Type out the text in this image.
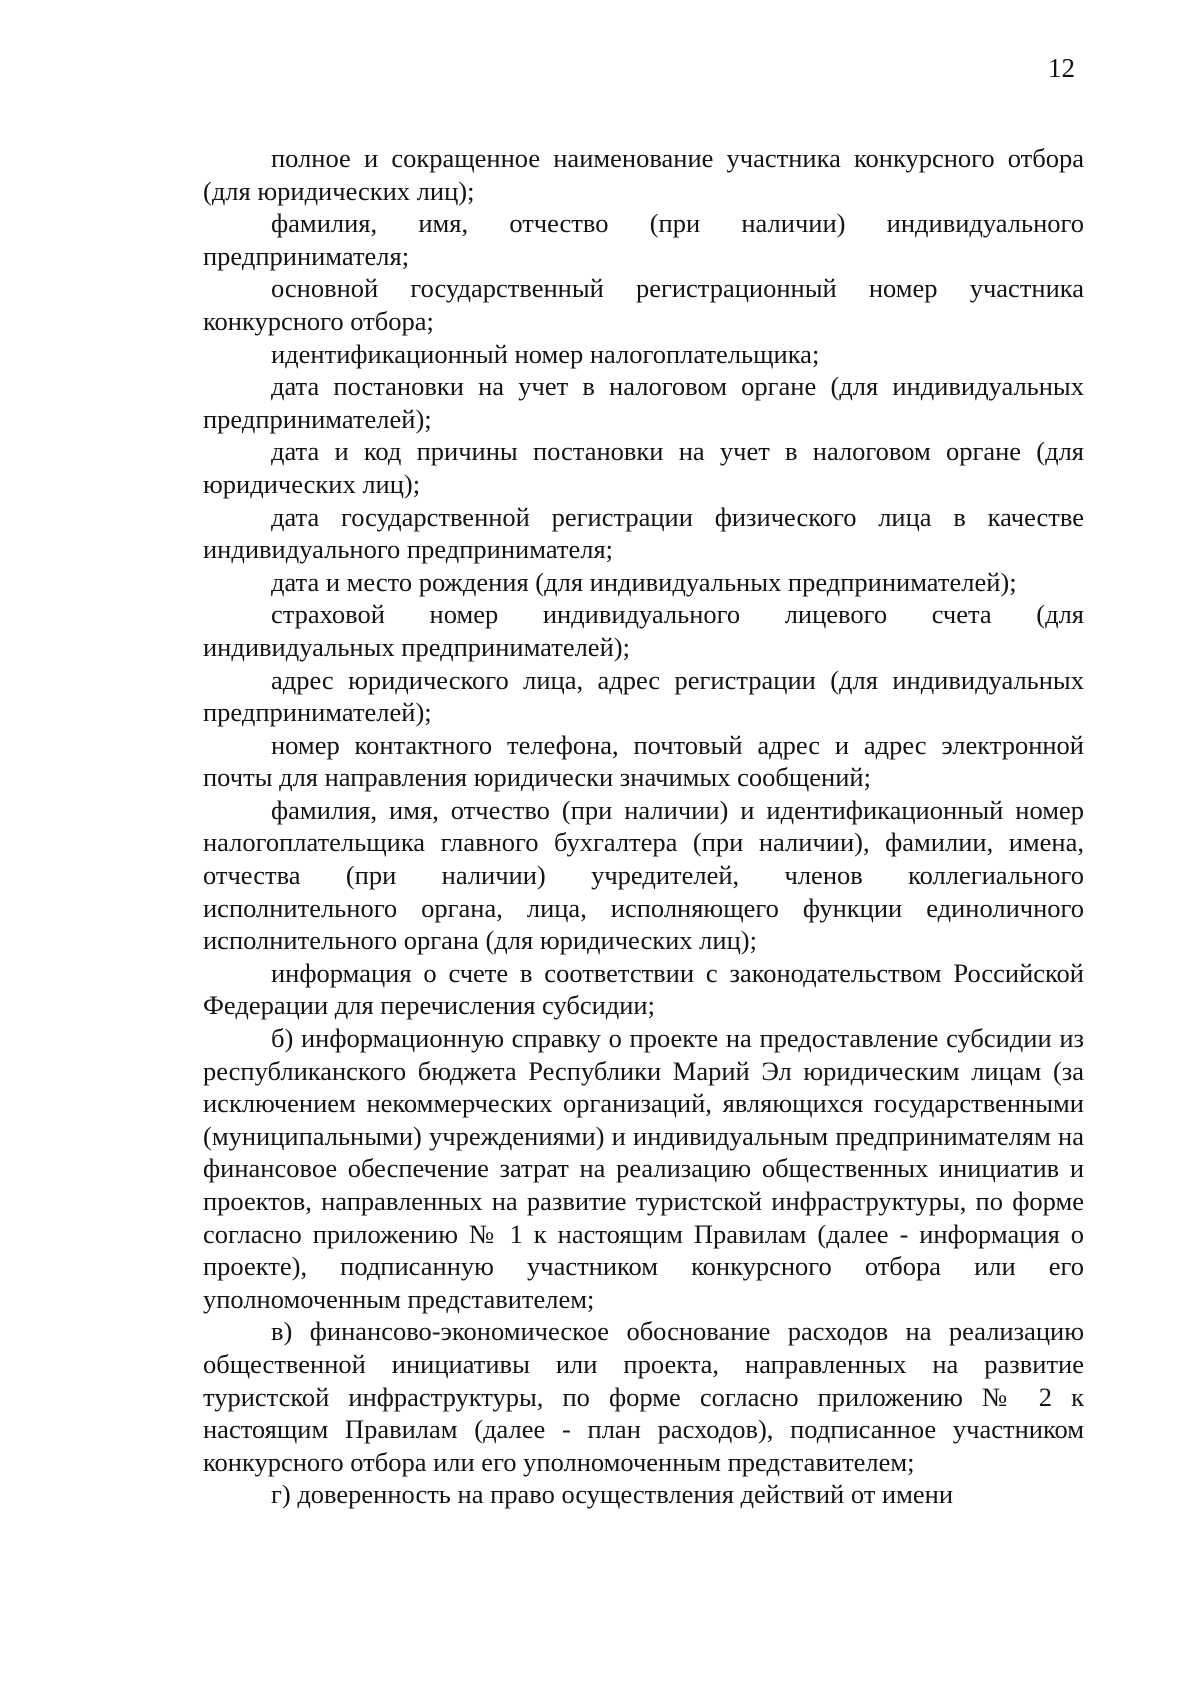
12

полное и сокращенное наименование участника конкурсного отбора (для юридических лиц);

фамилия, имя, отчество (при наличии) индивидуального предпринимателя;

основной государственный регистрационный номер участника конкурсного отбора;

идентификационный номер налогоплательщика;

дата постановки на учет в налоговом органе (для индивидуальных предпринимателей);

дата и код причины постановки на учет в налоговом органе (для юридических лиц);

дата государственной регистрации физического лица в качестве индивидуального предпринимателя;

дата и место рождения (для индивидуальных предпринимателей);

страховой номер индивидуального лицевого счета (для индивидуальных предпринимателей);

адрес юридического лица, адрес регистрации (для индивидуальных предпринимателей);

номер контактного телефона, почтовый адрес и адрес электронной почты для направления юридически значимых сообщений;

фамилия, имя, отчество (при наличии) и идентификационный номер налогоплательщика главного бухгалтера (при наличии), фамилии, имена, отчества (при наличии) учредителей, членов коллегиального исполнительного органа, лица, исполняющего функции единоличного исполнительного органа (для юридических лиц);

информация о счете в соответствии с законодательством Российской Федерации для перечисления субсидии;

б) информационную справку о проекте на предоставление субсидии из республиканского бюджета Республики Марий Эл юридическим лицам (за исключением некоммерческих организаций, являющихся государственными (муниципальными) учреждениями) и индивидуальным предпринимателям на финансовое обеспечение затрат на реализацию общественных инициатив и проектов, направленных на развитие туристской инфраструктуры, по форме согласно приложению № 1 к настоящим Правилам (далее - информация о проекте), подписанную участником конкурсного отбора или его уполномоченным представителем;

в) финансово-экономическое обоснование расходов на реализацию общественной инициативы или проекта, направленных на развитие туристской инфраструктуры, по форме согласно приложению № 2 к настоящим Правилам (далее - план расходов), подписанное участником конкурсного отбора или его уполномоченным представителем;

г) доверенность на право осуществления действий от имени
